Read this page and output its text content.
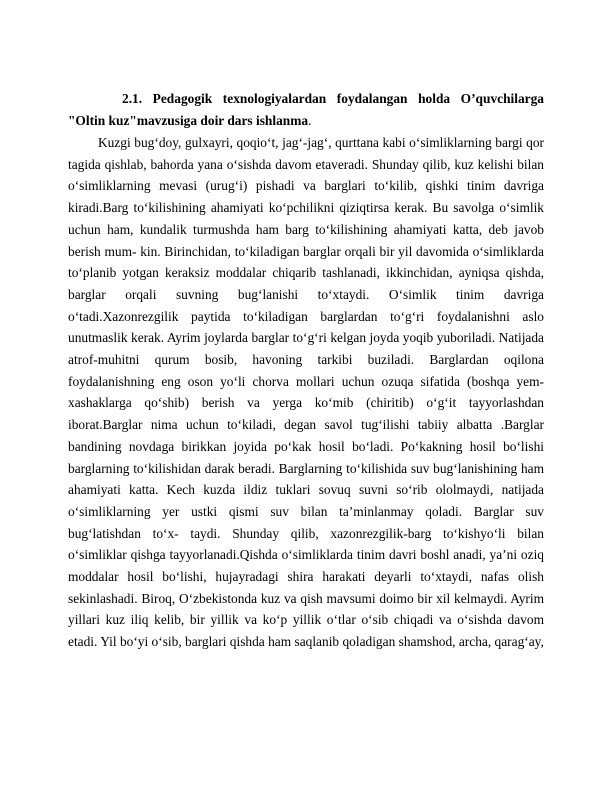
2.1. Pedagogik texnologiyalardan foydalangan holda O’quvchilarga "Oltin kuz"mavzusiga doir dars ishlanma.

Kuzgi bug‘doy, gulxayri, qoqio‘t, jag‘-jag‘, qurttana kabi o‘simliklarning bargi qor tagida qishlab, bahorda yana o‘sishda davom etaveradi. Shunday qilib, kuz kelishi bilan o‘simliklarning mevasi (urug‘i) pishadi va barglari to‘kilib, qishki tinim davriga kiradi.Barg to‘kilishining ahamiyati ko‘pchilikni qiziqtirsa kerak. Bu savolga o‘simlik uchun ham, kundalik turmushda ham barg to‘kilishining ahamiyati katta, deb javob berish mum- kin. Birinchidan, to‘kiladigan barglar orqali bir yil davomida o‘simliklarda to‘planib yotgan keraksiz moddalar chiqarib tashlanadi, ikkinchidan, ayniqsa qishda, barglar orqali suvning bug‘lanishi to‘xtaydi. O‘simlik tinim davriga o‘tadi.Xazonrezgilik paytida to‘kiladigan barglardan to‘g‘ri foydalanishni aslo unutmaslik kerak. Ayrim joylarda barglar to‘g‘ri kelgan joyda yoqib yuboriladi. Natijada atrof-muhitni qurum bosib, havoning tarkibi buziladi. Barglardan oqilona foydalanishning eng oson yo‘li chorva mollari uchun ozuqa sifatida (boshqa yem-xashaklarga qo‘shib) berish va yerga ko‘mib (chiritib) o‘g‘it tayyorlashdan iborat.Barglar nima uchun to‘kiladi, degan savol tug‘ilishi tabiiy albatta .Barglar bandining novdaga birikkan joyida po‘kak hosil bo‘ladi. Po‘kakning hosil bo‘lishi barglarning to‘kilishidan darak beradi. Barglarning to‘kilishida suv bug‘lanishining ham ahamiyati katta. Kech kuzda ildiz tuklari sovuq suvni so‘rib ololmaydi, natijada o‘simliklarning yer ustki qismi suv bilan ta’minlanmay qoladi. Barglar suv bug‘latishdan to‘x- taydi. Shunday qilib, xazonrezgilik-barg to‘kishyo‘li bilan o‘simliklar qishga tayyorlanadi.Qishda o‘simliklarda tinim davri boshl anadi, ya’ni oziq moddalar hosil bo‘lishi, hujayradagi shira harakati deyarli to‘xtaydi, nafas olish sekinlashadi. Biroq, O‘zbekistonda kuz va qish mavsumi doimo bir xil kelmaydi. Ayrim yillari kuz iliq kelib, bir yillik va ko‘p yillik o‘tlar o‘sib chiqadi va o‘sishda davom etadi. Yil bo‘yi o‘sib, barglari qishda ham saqlanib qoladigan shamshod, archa, qarag‘ay,
